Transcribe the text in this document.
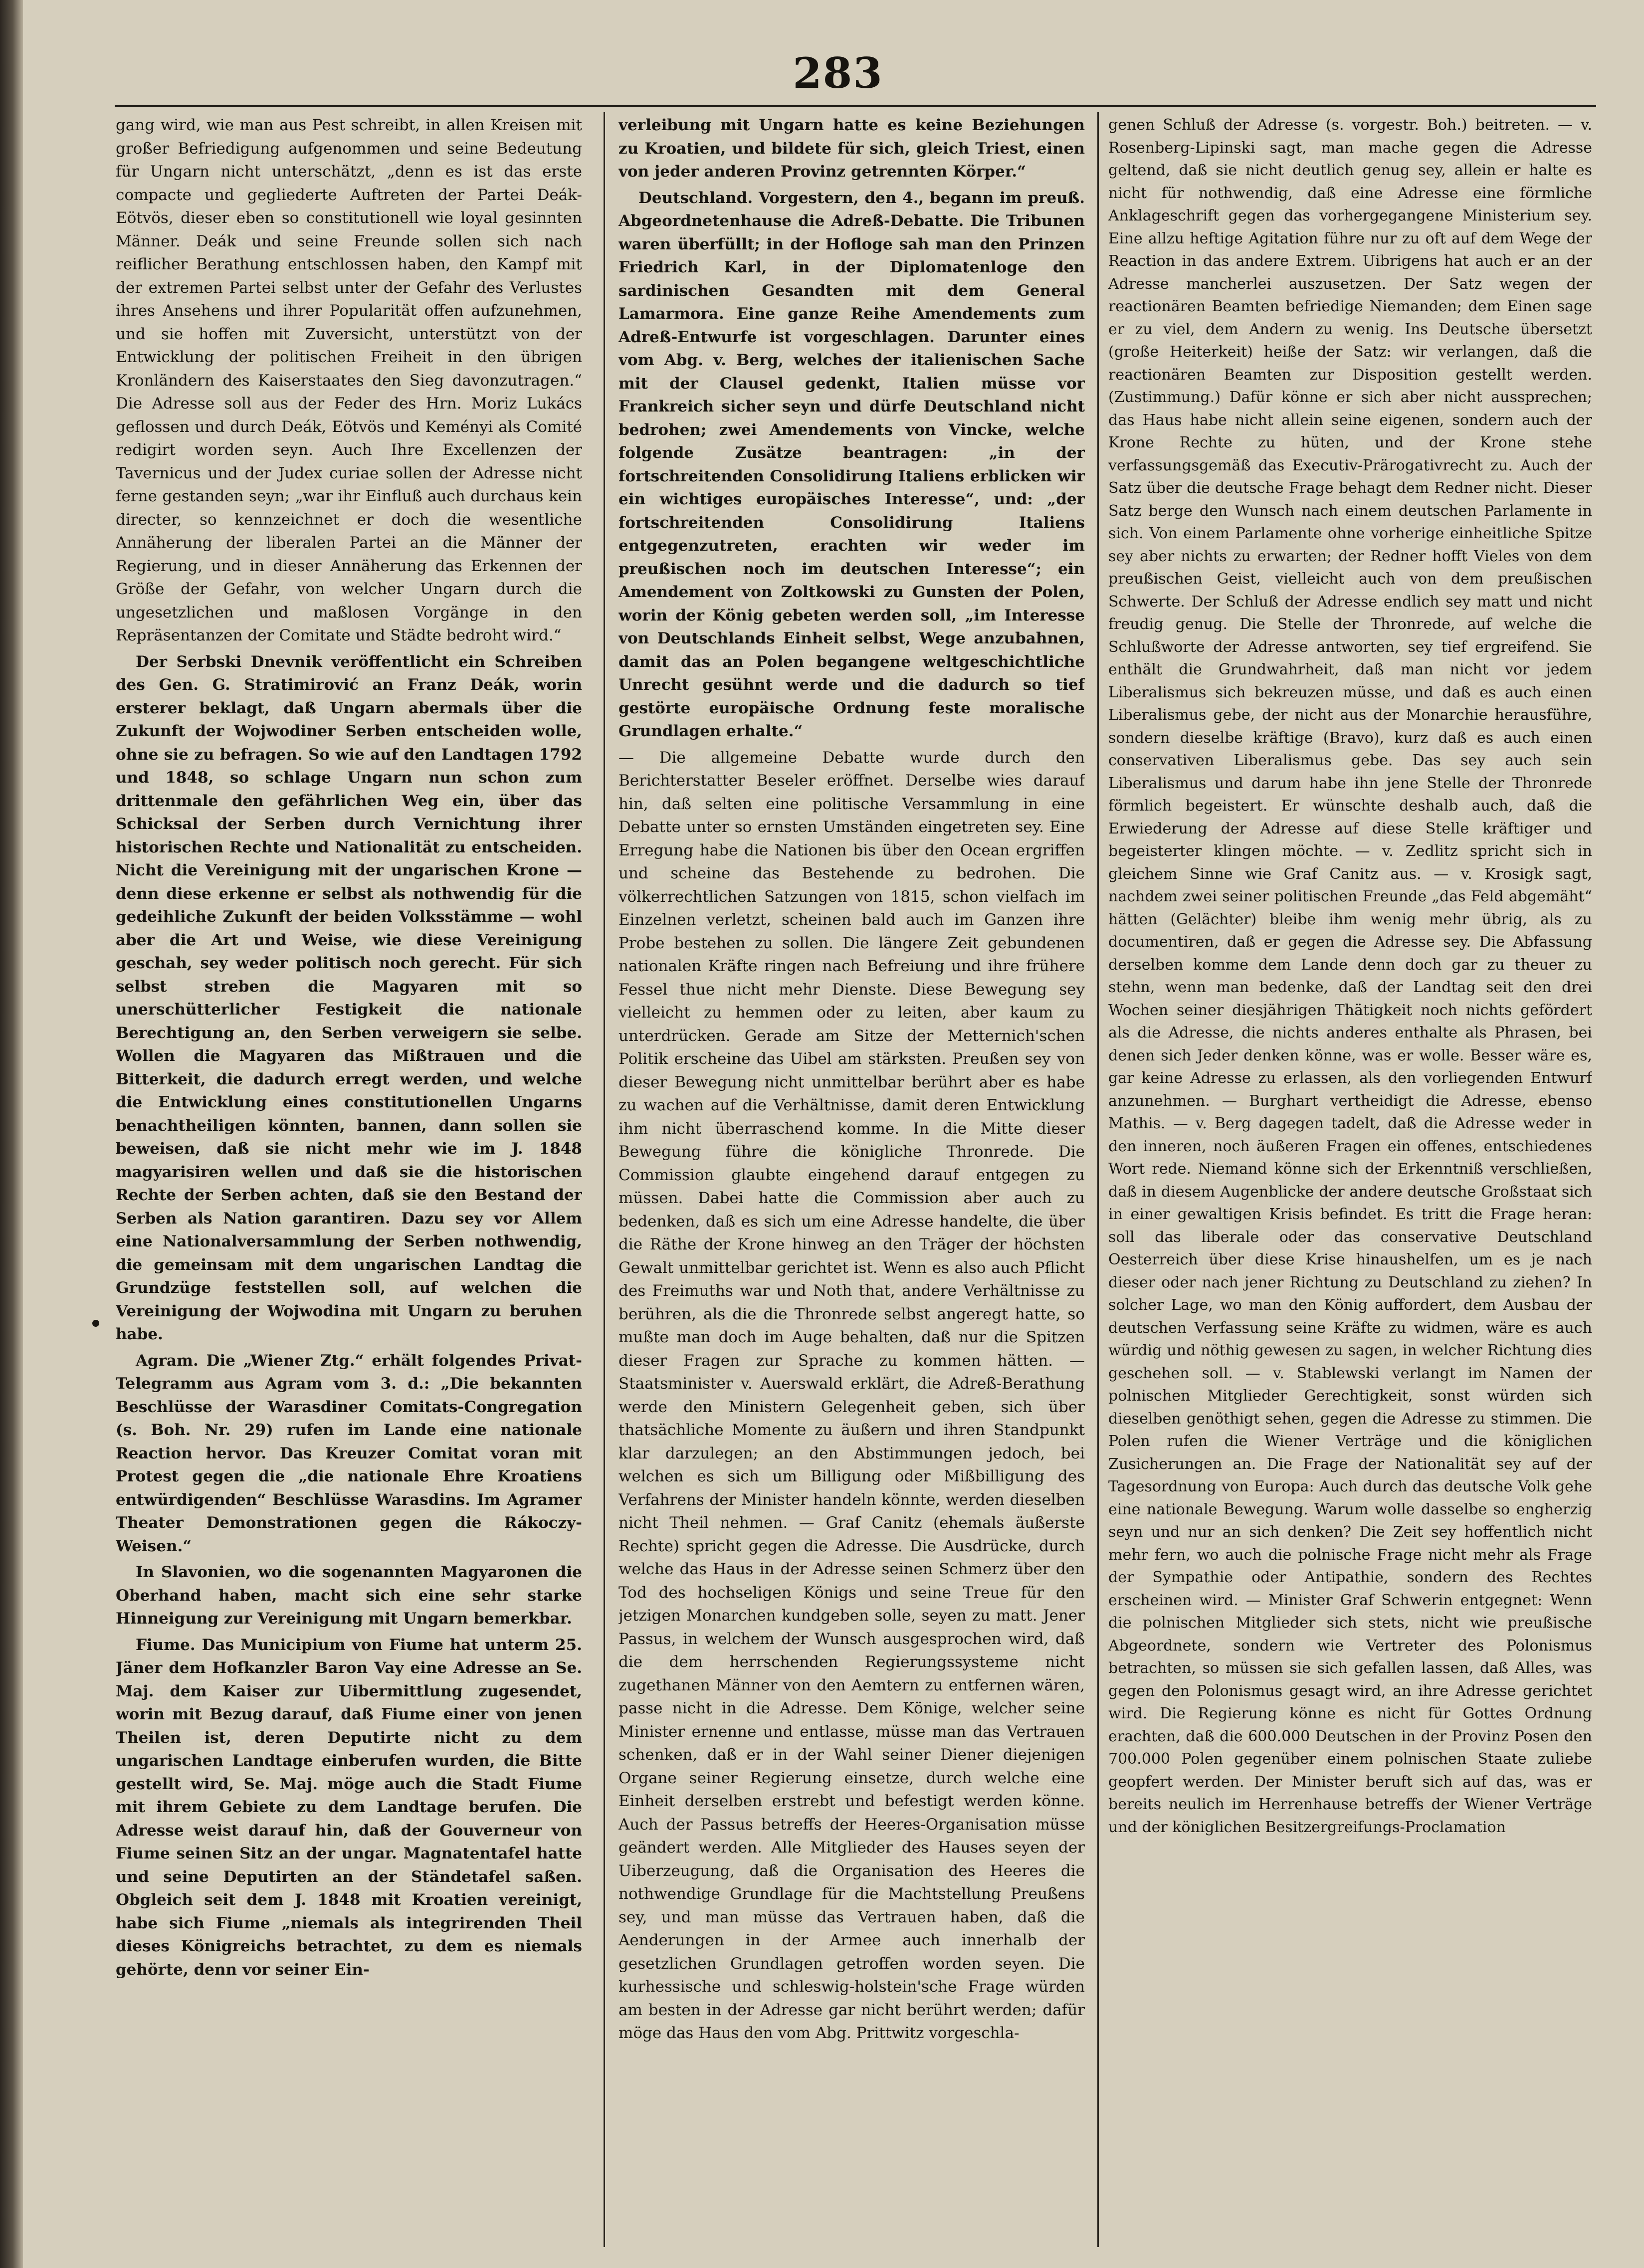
283

gang wird, wie man aus Pest schreibt, in allen Kreisen mit großer Befriedigung aufgenommen und seine Bedeutung für Ungarn nicht unterschätzt, „denn es ist das erste compacte und gegliederte Auftreten der Partei Deák-Eötvös, dieser eben so constitutionell wie loyal gesinnten Männer. Deák und seine Freunde sollen sich nach reiflicher Berathung entschlossen haben, den Kampf mit der extremen Partei selbst unter der Gefahr des Verlustes ihres Ansehens und ihrer Popularität offen aufzunehmen, und sie hoffen mit Zuversicht, unterstützt von der Entwicklung der politischen Freiheit in den übrigen Kronländern des Kaiserstaates den Sieg davonzutragen.“ Die Adresse soll aus der Feder des Hrn. Moriz Lukács geflossen und durch Deák, Eötvös und Keményi als Comité redigirt worden seyn. Auch Ihre Excellenzen der Tavernicus und der Judex curiae sollen der Adresse nicht ferne gestanden seyn; „war ihr Einfluß auch durchaus kein directer, so kennzeichnet er doch die wesentliche Annäherung der liberalen Partei an die Männer der Regierung, und in dieser Annäherung das Erkennen der Größe der Gefahr, von welcher Ungarn durch die ungesetzlichen und maßlosen Vorgänge in den Repräsentanzen der Comitate und Städte bedroht wird.“

Der Serbski Dnevnik veröffentlicht ein Schreiben des Gen. G. Stratimirović an Franz Deák, worin ersterer beklagt, daß Ungarn abermals über die Zukunft der Wojwodiner Serben entscheiden wolle, ohne sie zu befragen. So wie auf den Landtagen 1792 und 1848, so schlage Ungarn nun schon zum drittenmale den gefährlichen Weg ein, über das Schicksal der Serben durch Vernichtung ihrer historischen Rechte und Nationalität zu entscheiden. Nicht die Vereinigung mit der ungarischen Krone — denn diese erkenne er selbst als nothwendig für die gedeihliche Zukunft der beiden Volksstämme — wohl aber die Art und Weise, wie diese Vereinigung geschah, sey weder politisch noch gerecht. Für sich selbst streben die Magyaren mit so unerschütterlicher Festigkeit die nationale Berechtigung an, den Serben verweigern sie selbe. Wollen die Magyaren das Mißtrauen und die Bitterkeit, die dadurch erregt werden, und welche die Entwicklung eines constitutionellen Ungarns benachtheiligen könnten, bannen, dann sollen sie beweisen, daß sie nicht mehr wie im J. 1848 magyarisiren wellen und daß sie die historischen Rechte der Serben achten, daß sie den Bestand der Serben als Nation garantiren. Dazu sey vor Allem eine Nationalversammlung der Serben nothwendig, die gemeinsam mit dem ungarischen Landtag die Grundzüge feststellen soll, auf welchen die Vereinigung der Wojwodina mit Ungarn zu beruhen habe.

Agram. Die „Wiener Ztg.“ erhält folgendes Privat-Telegramm aus Agram vom 3. d.: „Die bekannten Beschlüsse der Warasdiner Comitats-Congregation (s. Boh. Nr. 29) rufen im Lande eine nationale Reaction hervor. Das Kreuzer Comitat voran mit Protest gegen die „die nationale Ehre Kroatiens entwürdigenden“ Beschlüsse Warasdins. Im Agramer Theater Demonstrationen gegen die Rákoczy-Weisen.“

In Slavonien, wo die sogenannten Magyaronen die Oberhand haben, macht sich eine sehr starke Hinneigung zur Vereinigung mit Ungarn bemerkbar.

Fiume. Das Municipium von Fiume hat unterm 25. Jäner dem Hofkanzler Baron Vay eine Adresse an Se. Maj. dem Kaiser zur Uibermittlung zugesendet, worin mit Bezug darauf, daß Fiume einer von jenen Theilen ist, deren Deputirte nicht zu dem ungarischen Landtage einberufen wurden, die Bitte gestellt wird, Se. Maj. möge auch die Stadt Fiume mit ihrem Gebiete zu dem Landtage berufen. Die Adresse weist darauf hin, daß der Gouverneur von Fiume seinen Sitz an der ungar. Magnatentafel hatte und seine Deputirten an der Ständetafel saßen. Obgleich seit dem J. 1848 mit Kroatien vereinigt, habe sich Fiume „niemals als integrirenden Theil dieses Königreichs betrachtet, zu dem es niemals gehörte, denn vor seiner Ein-

verleibung mit Ungarn hatte es keine Beziehungen zu Kroatien, und bildete für sich, gleich Triest, einen von jeder anderen Provinz getrennten Körper.“

Deutschland. Vorgestern, den 4., begann im preuß. Abgeordnetenhause die Adreß-Debatte. Die Tribunen waren überfüllt; in der Hofloge sah man den Prinzen Friedrich Karl, in der Diplomatenloge den sardinischen Gesandten mit dem General Lamarmora. Eine ganze Reihe Amendements zum Adreß-Entwurfe ist vorgeschlagen. Darunter eines vom Abg. v. Berg, welches der italienischen Sache mit der Clausel gedenkt, Italien müsse vor Frankreich sicher seyn und dürfe Deutschland nicht bedrohen; zwei Amendements von Vincke, welche folgende Zusätze beantragen: „in der fortschreitenden Consolidirung Italiens erblicken wir ein wichtiges europäisches Interesse“, und: „der fortschreitenden Consolidirung Italiens entgegenzutreten, erachten wir weder im preußischen noch im deutschen Interesse“; ein Amendement von Zoltkowski zu Gunsten der Polen, worin der König gebeten werden soll, „im Interesse von Deutschlands Einheit selbst, Wege anzubahnen, damit das an Polen begangene weltgeschichtliche Unrecht gesühnt werde und die dadurch so tief gestörte europäische Ordnung feste moralische Grundlagen erhalte.“

— Die allgemeine Debatte wurde durch den Berichterstatter Beseler eröffnet. Derselbe wies darauf hin, daß selten eine politische Versammlung in eine Debatte unter so ernsten Umständen eingetreten sey. Eine Erregung habe die Nationen bis über den Ocean ergriffen und scheine das Bestehende zu bedrohen. Die völkerrechtlichen Satzungen von 1815, schon vielfach im Einzelnen verletzt, scheinen bald auch im Ganzen ihre Probe bestehen zu sollen. Die längere Zeit gebundenen nationalen Kräfte ringen nach Befreiung und ihre frühere Fessel thue nicht mehr Dienste. Diese Bewegung sey vielleicht zu hemmen oder zu leiten, aber kaum zu unterdrücken. Gerade am Sitze der Metternich'schen Politik erscheine das Uibel am stärksten. Preußen sey von dieser Bewegung nicht unmittelbar berührt aber es habe zu wachen auf die Verhältnisse, damit deren Entwicklung ihm nicht überraschend komme. In die Mitte dieser Bewegung führe die königliche Thronrede. Die Commission glaubte eingehend darauf entgegen zu müssen. Dabei hatte die Commission aber auch zu bedenken, daß es sich um eine Adresse handelte, die über die Räthe der Krone hinweg an den Träger der höchsten Gewalt unmittelbar gerichtet ist. Wenn es also auch Pflicht des Freimuths war und Noth that, andere Verhältnisse zu berühren, als die die Thronrede selbst angeregt hatte, so mußte man doch im Auge behalten, daß nur die Spitzen dieser Fragen zur Sprache zu kommen hätten. — Staatsminister v. Auerswald erklärt, die Adreß-Berathung werde den Ministern Gelegenheit geben, sich über thatsächliche Momente zu äußern und ihren Standpunkt klar darzulegen; an den Abstimmungen jedoch, bei welchen es sich um Billigung oder Mißbilligung des Verfahrens der Minister handeln könnte, werden dieselben nicht Theil nehmen. — Graf Canitz (ehemals äußerste Rechte) spricht gegen die Adresse. Die Ausdrücke, durch welche das Haus in der Adresse seinen Schmerz über den Tod des hochseligen Königs und seine Treue für den jetzigen Monarchen kundgeben solle, seyen zu matt. Jener Passus, in welchem der Wunsch ausgesprochen wird, daß die dem herrschenden Regierungssysteme nicht zugethanen Männer von den Aemtern zu entfernen wären, passe nicht in die Adresse. Dem Könige, welcher seine Minister ernenne und entlasse, müsse man das Vertrauen schenken, daß er in der Wahl seiner Diener diejenigen Organe seiner Regierung einsetze, durch welche eine Einheit derselben erstrebt und befestigt werden könne. Auch der Passus betreffs der Heeres-Organisation müsse geändert werden. Alle Mitglieder des Hauses seyen der Uiberzeugung, daß die Organisation des Heeres die nothwendige Grundlage für die Machtstellung Preußens sey, und man müsse das Vertrauen haben, daß die Aenderungen in der Armee auch innerhalb der gesetzlichen Grundlagen getroffen worden seyen. Die kurhessische und schleswig-holstein'sche Frage würden am besten in der Adresse gar nicht berührt werden; dafür möge das Haus den vom Abg. Prittwitz vorgeschla-

genen Schluß der Adresse (s. vorgestr. Boh.) beitreten. — v. Rosenberg-Lipinski sagt, man mache gegen die Adresse geltend, daß sie nicht deutlich genug sey, allein er halte es nicht für nothwendig, daß eine Adresse eine förmliche Anklageschrift gegen das vorhergegangene Ministerium sey. Eine allzu heftige Agitation führe nur zu oft auf dem Wege der Reaction in das andere Extrem. Uibrigens hat auch er an der Adresse mancherlei auszusetzen. Der Satz wegen der reactionären Beamten befriedige Niemanden; dem Einen sage er zu viel, dem Andern zu wenig. Ins Deutsche übersetzt (große Heiterkeit) heiße der Satz: wir verlangen, daß die reactionären Beamten zur Disposition gestellt werden. (Zustimmung.) Dafür könne er sich aber nicht aussprechen; das Haus habe nicht allein seine eigenen, sondern auch der Krone Rechte zu hüten, und der Krone stehe verfassungsgemäß das Executiv-Prärogativrecht zu. Auch der Satz über die deutsche Frage behagt dem Redner nicht. Dieser Satz berge den Wunsch nach einem deutschen Parlamente in sich. Von einem Parlamente ohne vorherige einheitliche Spitze sey aber nichts zu erwarten; der Redner hofft Vieles von dem preußischen Geist, vielleicht auch von dem preußischen Schwerte. Der Schluß der Adresse endlich sey matt und nicht freudig genug. Die Stelle der Thronrede, auf welche die Schlußworte der Adresse antworten, sey tief ergreifend. Sie enthält die Grundwahrheit, daß man nicht vor jedem Liberalismus sich bekreuzen müsse, und daß es auch einen Liberalismus gebe, der nicht aus der Monarchie herausführe, sondern dieselbe kräftige (Bravo), kurz daß es auch einen conservativen Liberalismus gebe. Das sey auch sein Liberalismus und darum habe ihn jene Stelle der Thronrede förmlich begeistert. Er wünschte deshalb auch, daß die Erwiederung der Adresse auf diese Stelle kräftiger und begeisterter klingen möchte. — v. Zedlitz spricht sich in gleichem Sinne wie Graf Canitz aus. — v. Krosigk sagt, nachdem zwei seiner politischen Freunde „das Feld abgemäht“ hätten (Gelächter) bleibe ihm wenig mehr übrig, als zu documentiren, daß er gegen die Adresse sey. Die Abfassung derselben komme dem Lande denn doch gar zu theuer zu stehn, wenn man bedenke, daß der Landtag seit den drei Wochen seiner diesjährigen Thätigkeit noch nichts gefördert als die Adresse, die nichts anderes enthalte als Phrasen, bei denen sich Jeder denken könne, was er wolle. Besser wäre es, gar keine Adresse zu erlassen, als den vorliegenden Entwurf anzunehmen. — Burghart vertheidigt die Adresse, ebenso Mathis. — v. Berg dagegen tadelt, daß die Adresse weder in den inneren, noch äußeren Fragen ein offenes, entschiedenes Wort rede. Niemand könne sich der Erkenntniß verschließen, daß in diesem Augenblicke der andere deutsche Großstaat sich in einer gewaltigen Krisis befindet. Es tritt die Frage heran: soll das liberale oder das conservative Deutschland Oesterreich über diese Krise hinaushelfen, um es je nach dieser oder nach jener Richtung zu Deutschland zu ziehen? In solcher Lage, wo man den König auffordert, dem Ausbau der deutschen Verfassung seine Kräfte zu widmen, wäre es auch würdig und nöthig gewesen zu sagen, in welcher Richtung dies geschehen soll. — v. Stablewski verlangt im Namen der polnischen Mitglieder Gerechtigkeit, sonst würden sich dieselben genöthigt sehen, gegen die Adresse zu stimmen. Die Polen rufen die Wiener Verträge und die königlichen Zusicherungen an. Die Frage der Nationalität sey auf der Tagesordnung von Europa: Auch durch das deutsche Volk gehe eine nationale Bewegung. Warum wolle dasselbe so engherzig seyn und nur an sich denken? Die Zeit sey hoffentlich nicht mehr fern, wo auch die polnische Frage nicht mehr als Frage der Sympathie oder Antipathie, sondern des Rechtes erscheinen wird. — Minister Graf Schwerin entgegnet: Wenn die polnischen Mitglieder sich stets, nicht wie preußische Abgeordnete, sondern wie Vertreter des Polonismus betrachten, so müssen sie sich gefallen lassen, daß Alles, was gegen den Polonismus gesagt wird, an ihre Adresse gerichtet wird. Die Regierung könne es nicht für Gottes Ordnung erachten, daß die 600.000 Deutschen in der Provinz Posen den 700.000 Polen gegenüber einem polnischen Staate zuliebe geopfert werden. Der Minister beruft sich auf das, was er bereits neulich im Herrenhause betreffs der Wiener Verträge und der königlichen Besitzergreifungs-Proclamation
